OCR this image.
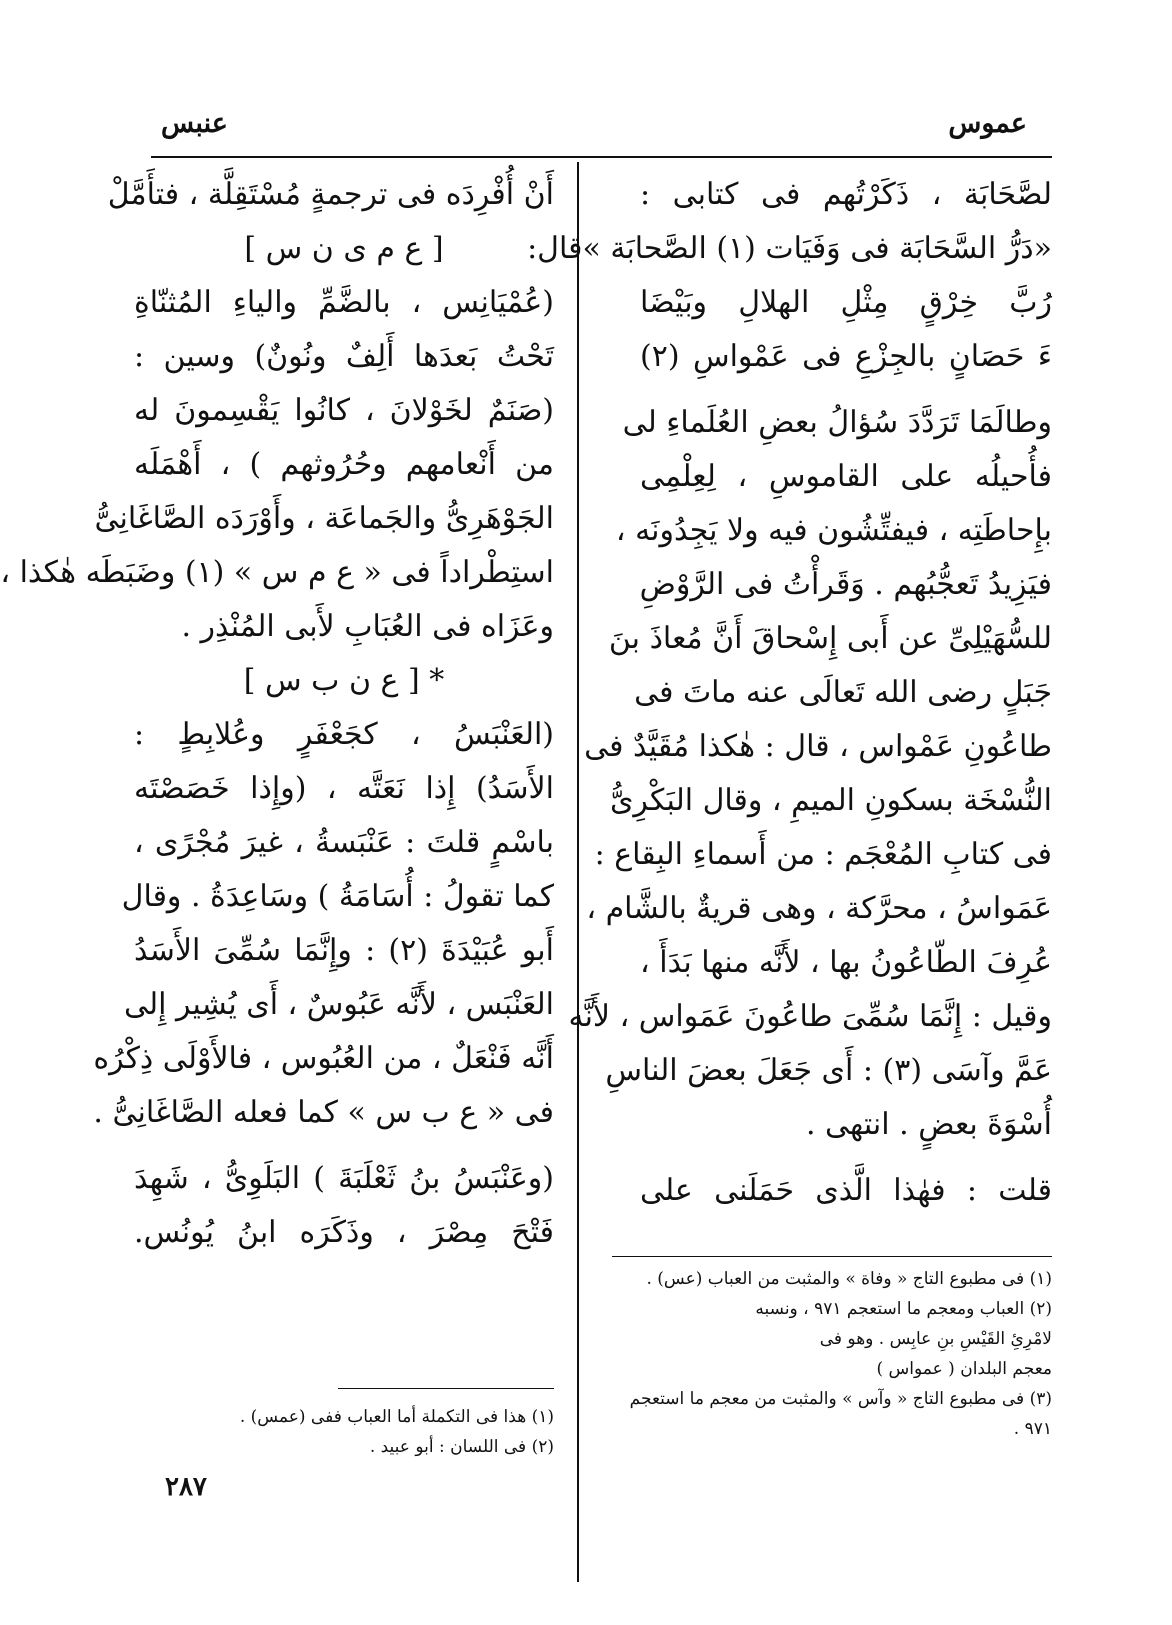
عموس
عنبس
لصَّحَابَة ، ذَكَرْتُهم فى كتابى :
«دَرُّ السَّحَابَة فى وَفَيَات (١) الصَّحابَة »قال:
رُبَّ خِرْقٍ مِثْلِ الهلالِ وبَيْضَا
ءَ حَصَانٍ بالجِزْعِ فى عَمْواسِ (٢)
وطالَمَا تَرَدَّدَ سُؤالُ بعضِ العُلَماءِ لى
فأُحيلُه على القاموسِ ، لِعِلْمِى
بإِحاطَتِه ، فيفتِّشُون فيه ولا يَجِدُونَه ،
فيَزِيدُ تَعجُّبُهم . وَقَرأْتُ فى الرَّوْضِ
للسُّهَيْلِىِّ عن أَبى إِسْحاقَ أَنَّ مُعاذَ بنَ
جَبَلٍ رضى الله تَعالَى عنه ماتَ فى
طاعُونِ عَمْواس ، قال : هٰكذا مُقَيَّدٌ فى
النُّسْخَة بسكونِ الميمِ ، وقال البَكْرِىُّ
فى كتابِ المُعْجَم : من أَسماءِ البِقاع :
عَمَواسُ ، محرَّكة ، وهى قريةٌ بالشَّام ،
عُرِفَ الطّاعُونُ بها ، لأَنَّه منها بَدَأَ ،
وقيل : إِنَّمَا سُمِّىَ طاعُونَ عَمَواس ، لأَنَّه
عَمَّ وآسَى (٣) : أَى جَعَلَ بعضَ الناسِ
أُسْوَةَ بعضٍ . انتهى .
قلت : فهٰذا الَّذى حَمَلَنى على
أَنْ أُفْرِدَه فى ترجمةٍ مُسْتَقِلَّة ، فتأَمَّلْ
[ ع م ى ن س ]
(عُمْيَانِس ، بالضَّمِّ والياءِ المُثنّاةِ
تَحْتُ بَعدَها أَلِفٌ ونُونٌ) وسين :
(صَنَمٌ لخَوْلانَ ، كانُوا يَقْسِمونَ له
من أَنْعامهم وحُرُوثهم ) ، أَهْمَلَه
الجَوْهَرِىُّ والجَماعَة ، وأَوْرَدَه الصَّاغَانِىُّ
استِطْراداً فى « ع م س » (١) وضَبَطَه هٰكذا ،
وعَزَاه فى العُبَابِ لأَبى المُنْذِر .
* [ ع ن ب س ]
(العَنْبَسُ ، كجَعْفَرٍ وعُلابِطٍ :
الأَسَدُ) إِذا نَعَتَّه ، (وإِذا خَصَصْتَه
باسْمٍ قلتَ : عَنْبَسةُ ، غيرَ مُجْرًى ،
كما تقولُ : أُسَامَةُ ) وسَاعِدَةُ . وقال
أَبو عُبَيْدَةَ (٢) : وإِنَّمَا سُمِّىَ الأَسَدُ
العَنْبَس ، لأَنَّه عَبُوسٌ ، أَى يُشِير إِلى
أَنَّه فَنْعَلٌ ، من العُبُوس ، فالأَوْلَى ذِكْرُه
فى « ع ب س » كما فعله الصَّاغَانِىُّ .
(وعَنْبَسُ بنُ ثَعْلَبَةَ ) البَلَوِىُّ ، شَهِدَ
فَتْحَ مِصْرَ ، وذَكَرَه ابنُ يُونُس.
(١) فى مطبوع التاج « وفاة » والمثبت من العباب (عس) .
(٢) العباب ومعجم ما استعجم ٩٧١ ، ونسبه
لامْرِئِ القَيْسِ بنِ عابِس . وهو فى
معجم البلدان ( عمواس )
(٣) فى مطبوع التاج « وآس » والمثبت من معجم ما استعجم
٩٧١ .
(١) هذا فى التكملة أما العباب ففى (عمس) .
(٢) فى اللسان : أبو عبيد .
٢٨٧
